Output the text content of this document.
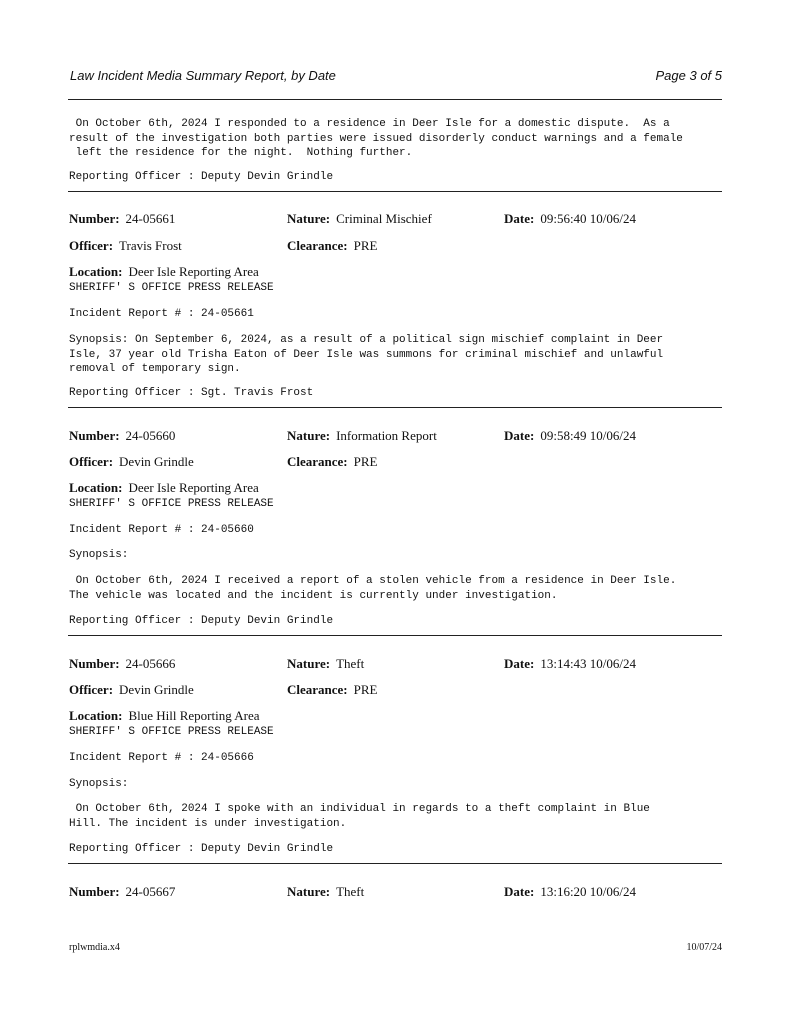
Law Incident Media Summary Report, by Date	Page 3 of 5
On October 6th, 2024 I responded to a residence in Deer Isle for a domestic dispute.  As a
result of the investigation both parties were issued disorderly conduct warnings and a female
left the residence for the night.  Nothing further.
Reporting Officer : Deputy Devin Grindle
Number: 24-05661	Nature: Criminal Mischief	Date: 09:56:40 10/06/24
Officer: Travis Frost	Clearance: PRE
Location: Deer Isle Reporting Area
SHERIFF' S OFFICE PRESS RELEASE
Incident Report # : 24-05661
Synopsis: On September 6, 2024, as a result of a political sign mischief complaint in Deer
Isle, 37 year old Trisha Eaton of Deer Isle was summons for criminal mischief and unlawful
removal of temporary sign.
Reporting Officer : Sgt. Travis Frost
Number: 24-05660	Nature: Information Report	Date: 09:58:49 10/06/24
Officer: Devin Grindle	Clearance: PRE
Location: Deer Isle Reporting Area
SHERIFF' S OFFICE PRESS RELEASE
Incident Report # : 24-05660
Synopsis:
On October 6th, 2024 I received a report of a stolen vehicle from a residence in Deer Isle.
The vehicle was located and the incident is currently under investigation.
Reporting Officer : Deputy Devin Grindle
Number: 24-05666	Nature: Theft	Date: 13:14:43 10/06/24
Officer: Devin Grindle	Clearance: PRE
Location: Blue Hill Reporting Area
SHERIFF' S OFFICE PRESS RELEASE
Incident Report # : 24-05666
Synopsis:
On October 6th, 2024 I spoke with an individual in regards to a theft complaint in Blue
Hill. The incident is under investigation.
Reporting Officer : Deputy Devin Grindle
Number: 24-05667	Nature: Theft	Date: 13:16:20 10/06/24
rplwmdia.x4	10/07/24
